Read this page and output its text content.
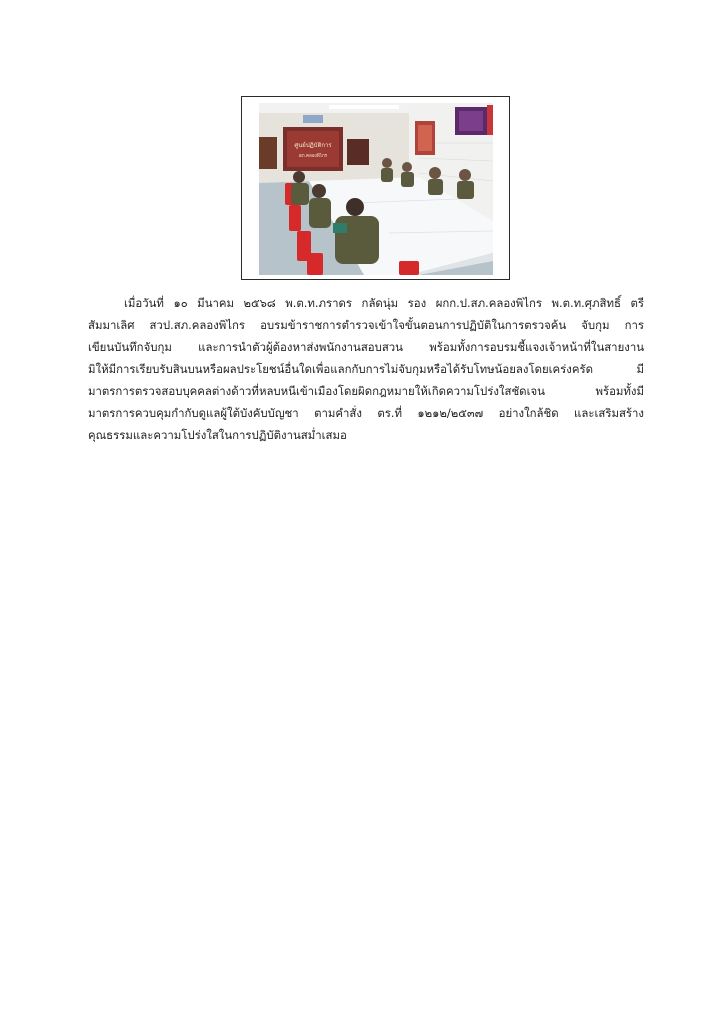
ศูนย์ปฏิบัติการ
สภ.คลองพิไกร
เมื่อวันที่ ๑๐ มีนาคม ๒๕๖๘ พ.ต.ท.ภราดร กลัดนุ่ม รอง ผกก.ป.สภ.คลองพิไกร พ.ต.ท.ศุภสิทธิ์ ตรี
สัมมาเลิศ สวป.สภ.คลองพิไกร อบรมข้าราชการตำรวจเข้าใจขั้นตอนการปฏิบัติในการตรวจค้น จับกุม การ
เขียนบันทึกจับกุม และการนำตัวผู้ต้องหาส่งพนักงานสอบสวน พร้อมทั้งการอบรมชี้แจงเจ้าหน้าที่ในสายงาน
มิให้มีการเรียบรับสินบนหรือผลประโยชน์อื่นใดเพื่อแลกกับการไม่จับกุมหรือได้รับโทษน้อยลงโดยเคร่งครัด มี
มาตรการตรวจสอบบุคคลต่างด้าวที่หลบหนีเข้าเมืองโดยผิดกฎหมายให้เกิดความโปร่งใสชัดเจน พร้อมทั้งมี
มาตรการควบคุมกำกับดูแลผู้ใต้บังคับบัญชา ตามคำสั่ง ตร.ที่ ๑๒๑๒/๒๕๓๗ อย่างใกล้ชิด และเสริมสร้าง
คุณธรรมและความโปร่งใสในการปฏิบัติงานสม่ำเสมอ
